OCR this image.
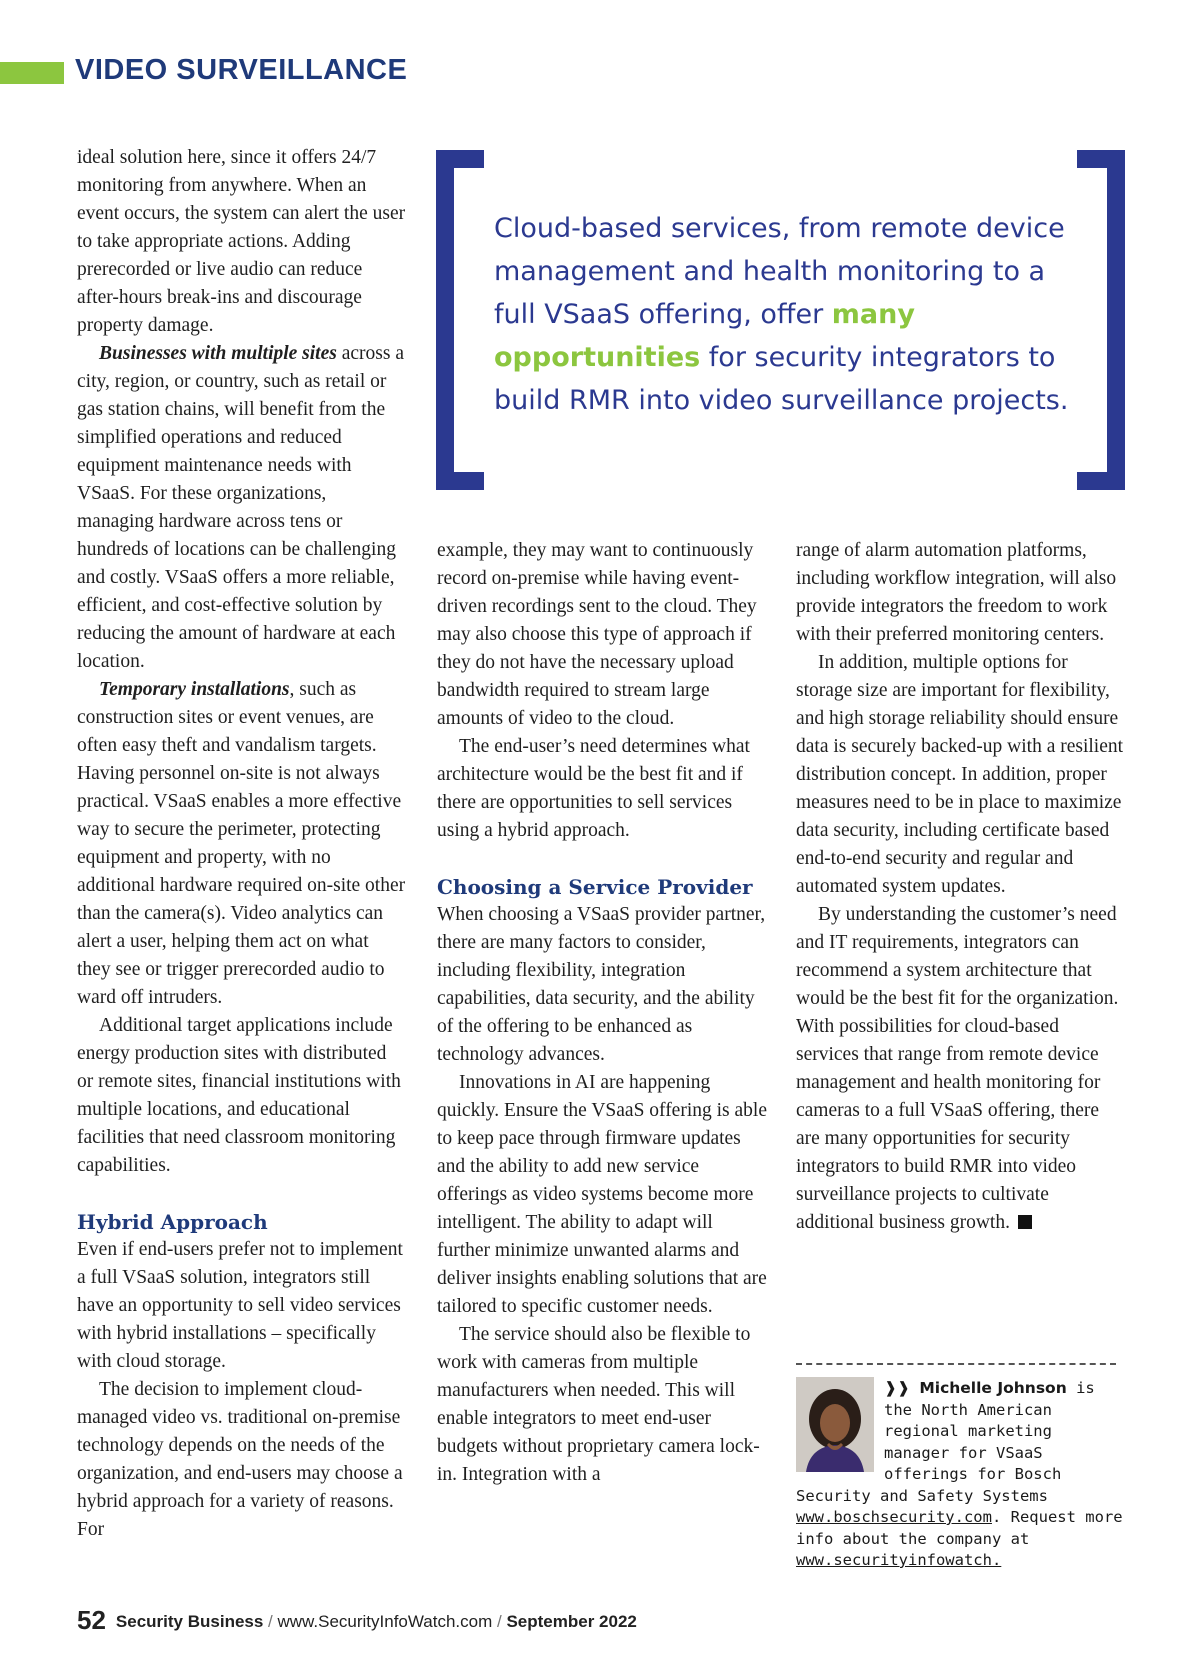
VIDEO SURVEILLANCE

ideal solution here, since it offers 24/7 monitoring from anywhere. When an event occurs, the system can alert the user to take appropriate actions. Adding prerecorded or live audio can reduce after-hours break-ins and discourage property damage.

Businesses with multiple sites across a city, region, or country, such as retail or gas station chains, will benefit from the simplified operations and reduced equipment maintenance needs with VSaaS. For these organizations, managing hardware across tens or hundreds of locations can be challenging and costly. VSaaS offers a more reliable, efficient, and cost-effective solution by reducing the amount of hardware at each location.

Temporary installations, such as construction sites or event venues, are often easy theft and vandalism targets. Having personnel on-site is not always practical. VSaaS enables a more effective way to secure the perimeter, protecting equipment and property, with no additional hardware required on-site other than the camera(s). Video analytics can alert a user, helping them act on what they see or trigger prerecorded audio to ward off intruders.

Additional target applications include energy production sites with distributed or remote sites, financial institutions with multiple locations, and educational facilities that need classroom monitoring capabilities.

Hybrid Approach

Even if end-users prefer not to implement a full VSaaS solution, integrators still have an opportunity to sell video services with hybrid installations – specifically with cloud storage.

The decision to implement cloud-managed video vs. traditional on-premise technology depends on the needs of the organization, and end-users may choose a hybrid approach for a variety of reasons. For

Cloud-based services, from remote device management and health monitoring to a full VSaaS offering, offer many opportunities for security integrators to build RMR into video surveillance projects.

example, they may want to continuously record on-premise while having event-driven recordings sent to the cloud. They may also choose this type of approach if they do not have the necessary upload bandwidth required to stream large amounts of video to the cloud.

The end-user’s need determines what architecture would be the best fit and if there are opportunities to sell services using a hybrid approach.

Choosing a Service Provider

When choosing a VSaaS provider partner, there are many factors to consider, including flexibility, integration capabilities, data security, and the ability of the offering to be enhanced as technology advances.

Innovations in AI are happening quickly. Ensure the VSaaS offering is able to keep pace through firmware updates and the ability to add new service offerings as video systems become more intelligent. The ability to adapt will further minimize unwanted alarms and deliver insights enabling solutions that are tailored to specific customer needs.

The service should also be flexible to work with cameras from multiple manufacturers when needed. This will enable integrators to meet end-user budgets without proprietary camera lock-in. Integration with a

range of alarm automation platforms, including workflow integration, will also provide integrators the freedom to work with their preferred monitoring centers.

In addition, multiple options for storage size are important for flexibility, and high storage reliability should ensure data is securely backed-up with a resilient distribution concept. In addition, proper measures need to be in place to maximize data security, including certificate based end-to-end security and regular and automated system updates.

By understanding the customer’s need and IT requirements, integrators can recommend a system architecture that would be the best fit for the organization. With possibilities for cloud-based services that range from remote device management and health monitoring for cameras to a full VSaaS offering, there are many opportunities for security integrators to build RMR into video surveillance projects to cultivate additional business growth.

❱❱ Michelle Johnson is the North American regional marketing manager for VSaaS offerings for Bosch Security and Safety Systems www.boschsecurity.com. Request more info about the company at www.securityinfowatch.
52 Security Business / www.SecurityInfoWatch.com / September 2022
